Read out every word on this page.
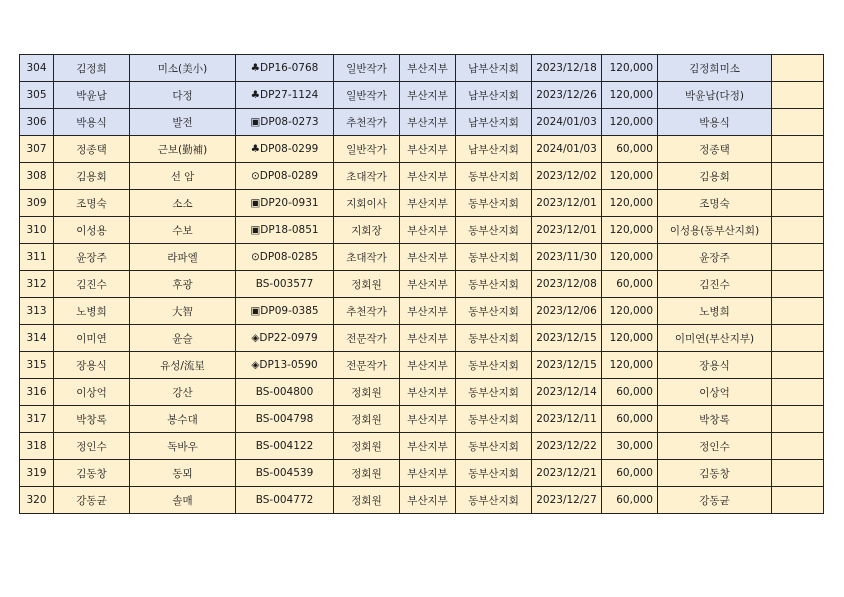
304	김정희	미소(美小)	♣DP16-0768	일반작가	부산지부	남부산지회	2023/12/18	120,000	김정희미소	
305	박윤남	다정	♣DP27-1124	일반작가	부산지부	남부산지회	2023/12/26	120,000	박윤남(다정)	
306	박용식	발전	▣DP08-0273	추천작가	부산지부	남부산지회	2024/01/03	120,000	박용식	
307	정종택	근보(勤補)	♣DP08-0299	일반작가	부산지부	남부산지회	2024/01/03	60,000	정종택	
308	김용회	선 암	⊙DP08-0289	초대작가	부산지부	동부산지회	2023/12/02	120,000	김용회	
309	조명숙	소소	▣DP20-0931	지회이사	부산지부	동부산지회	2023/12/01	120,000	조명숙	
310	이성용	수보	▣DP18-0851	지회장	부산지부	동부산지회	2023/12/01	120,000	이성용(동부산지회)	
311	윤장주	라파엘	⊙DP08-0285	초대작가	부산지부	동부산지회	2023/11/30	120,000	윤장주	
312	김진수	후광	BS-003577	정회원	부산지부	동부산지회	2023/12/08	60,000	김진수	
313	노병희	大智	▣DP09-0385	추천작가	부산지부	동부산지회	2023/12/06	120,000	노병희	
314	이미연	윤슬	◈DP22-0979	전문작가	부산지부	동부산지회	2023/12/15	120,000	이미연(부산지부)	
315	장용식	유성/流星	◈DP13-0590	전문작가	부산지부	동부산지회	2023/12/15	120,000	장용식	
316	이상억	강산	BS-004800	정회원	부산지부	동부산지회	2023/12/14	60,000	이상억	
317	박창록	봉수대	BS-004798	정회원	부산지부	동부산지회	2023/12/11	60,000	박창록	
318	정인수	독바우	BS-004122	정회원	부산지부	동부산지회	2023/12/22	30,000	정인수	
319	김동창	동뫼	BS-004539	정회원	부산지부	동부산지회	2023/12/21	60,000	김동창	
320	강동균	솔매	BS-004772	정회원	부산지부	동부산지회	2023/12/27	60,000	강동균	
